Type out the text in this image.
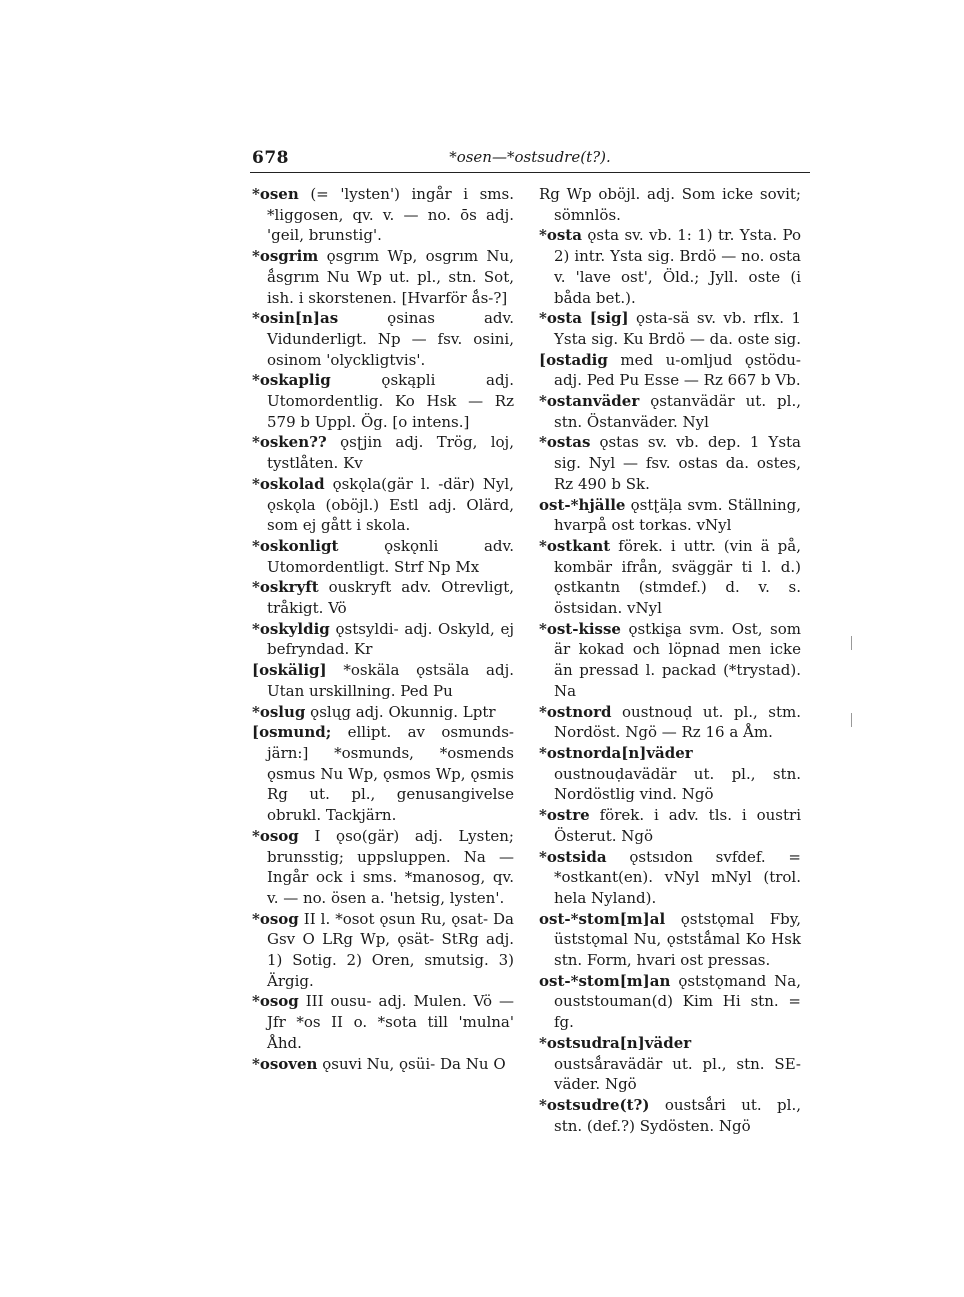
678	*osen—*ostsudre(t?).

*osen (= 'lysten') ingår i sms. *liggosen, qv. v. — no. ōs adj. 'geil, brunstig'.

*osgrim ǫsgrım Wp, osgrım Nu, ǻsgrım Nu Wp ut. pl., stn. Sot, ish. i skorstenen. [Hvarför ǻs-?]

*osin[n]as	ǫsinas adv. Vidunderligt. Np — fsv. osini, osinom 'olyckligtvis'.

*oskaplig	ǫskąpli adj. Utomordentlig. Ko Hsk — Rz 579 b Uppl. Ög. [o intens.]

*osken?? ǫsʈjin adj. Trög, loj, tystlåten. Kv

*oskolad ǫskǫla(gär l. -där) Nyl, ǫskǫla (oböjl.) Estl adj. Olärd, som ej gått i skola.

*oskonligt	ǫskǫnli adv. Utomordentligt. Strf Np Mx

*oskryft ouskryft adv. Otrevligt, tråkigt. Vö

*oskyldig ǫstsyldi- adj. Oskyld, ej befryndad. Kr

[oskälig] *oskäla ǫstsäla adj. Utan urskillning. Ped Pu

*oslug ǫslųg adj. Okunnig. Lptr

[osmund; ellipt. av osmunds-järn:] *osmunds, *osmends ǫsmus Nu Wp, ǫsmos Wp, ǫsmis Rg ut. pl., genusangivelse obrukl. Tackjärn.

*osog I ǫso(gär) adj. Lysten; brunsstig; uppsluppen. Na — Ingår ock i sms. *manosog, qv. v. — no. ösen a. 'hetsig, lysten'.

*osog II l. *osot ǫsun Ru, ǫsat- Da Gsv O LRg Wp, ǫsät- StRg adj. 1) Sotig. 2) Oren, smutsig. 3) Ärgig.

*osog III ousu- adj. Mulen. Vö — Jfr *os II o. *sota till 'mulna' Åhd.

*osoven ǫsuvi Nu, ǫsüi- Da Nu O

Rg Wp oböjl. adj. Som icke sovit; sömnlös.

*osta ǫsta sv. vb. 1: 1) tr. Ysta. Po 2) intr. Ysta sig. Brdö — no. osta v. 'lave ost', Öld.; Jyll. oste (i båda bet.).

*osta [sig] ǫsta-sä sv. vb. rflx. 1 Ysta sig. Ku Brdö — da. oste sig.

[ostadig med u-omljud ǫstödu- adj. Ped Pu Esse — Rz 667 b Vb.

*ostanväder ǫstanvädär ut. pl., stn. Östanväder. Nyl

*ostas ǫstas sv. vb. dep. 1 Ysta sig. Nyl — fsv. ostas da. ostes, Rz 490 b Sk.

ost-*hjälle ǫstʈäļa svm. Ställning, hvarpå ost torkas. vNyl

*ostkant förek. i uttr. (vin ä på, kombär ifrån, sväggär ti l. d.) ǫstkantn (stmdef.) d. v. s. östsidan. vNyl

*ost-kisse ǫstkiʂa svm. Ost, som är kokad och löpnad men icke än pressad l. packad (*trystad). Na

*ostnord oustnouḍ ut. pl., stm. Nordöst. Ngö — Rz 16 a Åm.

*ostnorda[n]väder oustnouḍavädär ut. pl., stn. Nordöstlig vind. Ngö

*ostre förek. i adv. tls. i oustri Österut. Ngö

*ostsida ǫstsıdon svfdef. = *ostkant(en). vNyl mNyl (trol. hela Nyland).

ost-*stom[m]al ǫststǫmal Fby, üststǫmal Nu, ǫststǻmal Ko Hsk stn. Form, hvari ost pressas.

ost-*stom[m]an ǫststǫmand Na, ouststouman(d) Kim Hi stn. = fg.

*ostsudra[n]väder oustsǻravädär ut. pl., stn. SE-väder. Ngö

*ostsudre(t?) oustsǻri ut. pl., stn. (def.?) Sydösten. Ngö
